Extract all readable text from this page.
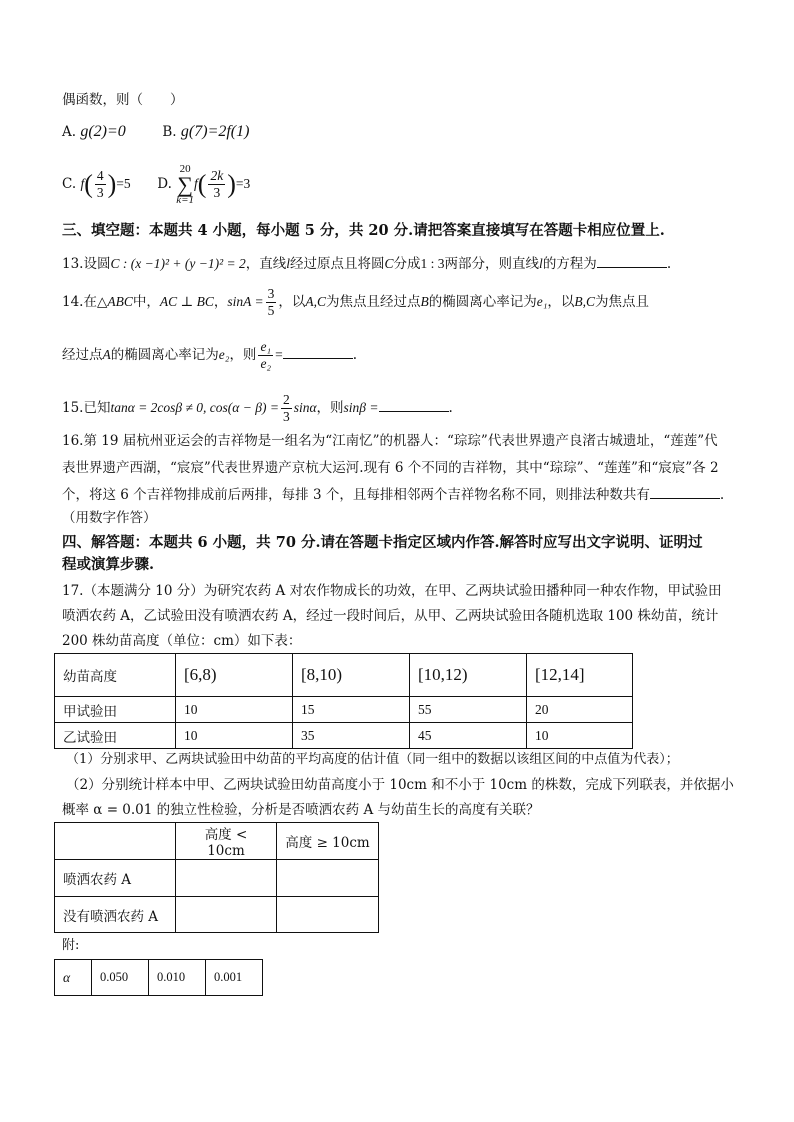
偶函数，则（　　）
A. g(2)=0	B. g(7)=2f(1)
C. $f( \frac{4}{3} )=5$ D. 20
∑
$k=1f( \frac{2k}{3} )=3$
三、填空题：本题共 4 小题，每小题 5 分，共 20 分.请把答案直接填写在答题卡相应位置上.
13.设圆C : (x −1)² + (y −1)² = 2，直线l经过原点且将圆C分成1 : 3两部分，则直线l的方程为	.
14.在△ABC中，AC ⊥ BC，$\sin A = \frac{3}{5}$ ，以A,C为焦点且经过点B的椭圆离心率记为e₁，以B,C为焦点且
经过点A的椭圆离心率记为e₂，则 $\frac{\text{e₁}}{\text{e₂}}$ =	.
15.已知tanα = 2cosβ ≠ 0, $\cos(\alpha - \beta) = \frac{2}{3}$ sinα，则sinβ =	.
16.第 19 届杭州亚运会的吉祥物是一组名为“江南忆”的机器人：“琮琮”代表世界遗产良渚古城遗址，“莲莲”代
表世界遗产西湖，“宸宸”代表世界遗产京杭大运河.现有 6 个不同的吉祥物，其中“琮琮”、“莲莲”和“宸宸”各 2
个，将这 6 个吉祥物排成前后两排，每排 3 个，且每排相邻两个吉祥物名称不同，则排法种数共有	.
（用数字作答）
四、解答题：本题共 6 小题，共 70 分.请在答题卡指定区域内作答.解答时应写出文字说明、证明过
程或演算步骤.
17.（本题满分 10 分）为研究农药 A 对农作物成长的功效，在甲、乙两块试验田播种同一种农作物，甲试验田
喷洒农药 A，乙试验田没有喷洒农药 A，经过一段时间后，从甲、乙两块试验田各随机选取 100 株幼苗，统计
200 株幼苗高度（单位：cm）如下表：
幼苗高度	[6,8)	[8,10)	[10,12)	[12,14]
甲试验田	10	15	55	20
乙试验田	10	35	45	10
（1）分别求甲、乙两块试验田中幼苗的平均高度的估计值（同一组中的数据以该组区间的中点值为代表）；
（2）分别统计样本中甲、乙两块试验田幼苗高度小于 10cm 和不小于 10cm 的株数，完成下列联表，并依据小
概率 α = 0.01 的独立性检验，分析是否喷洒农药 A 与幼苗生长的高度有关联？
	高度 < 10cm	高度 ≥ 10cm
喷洒农药 A		
没有喷洒农药 A		
附:
α	0.050	0.010	0.001
